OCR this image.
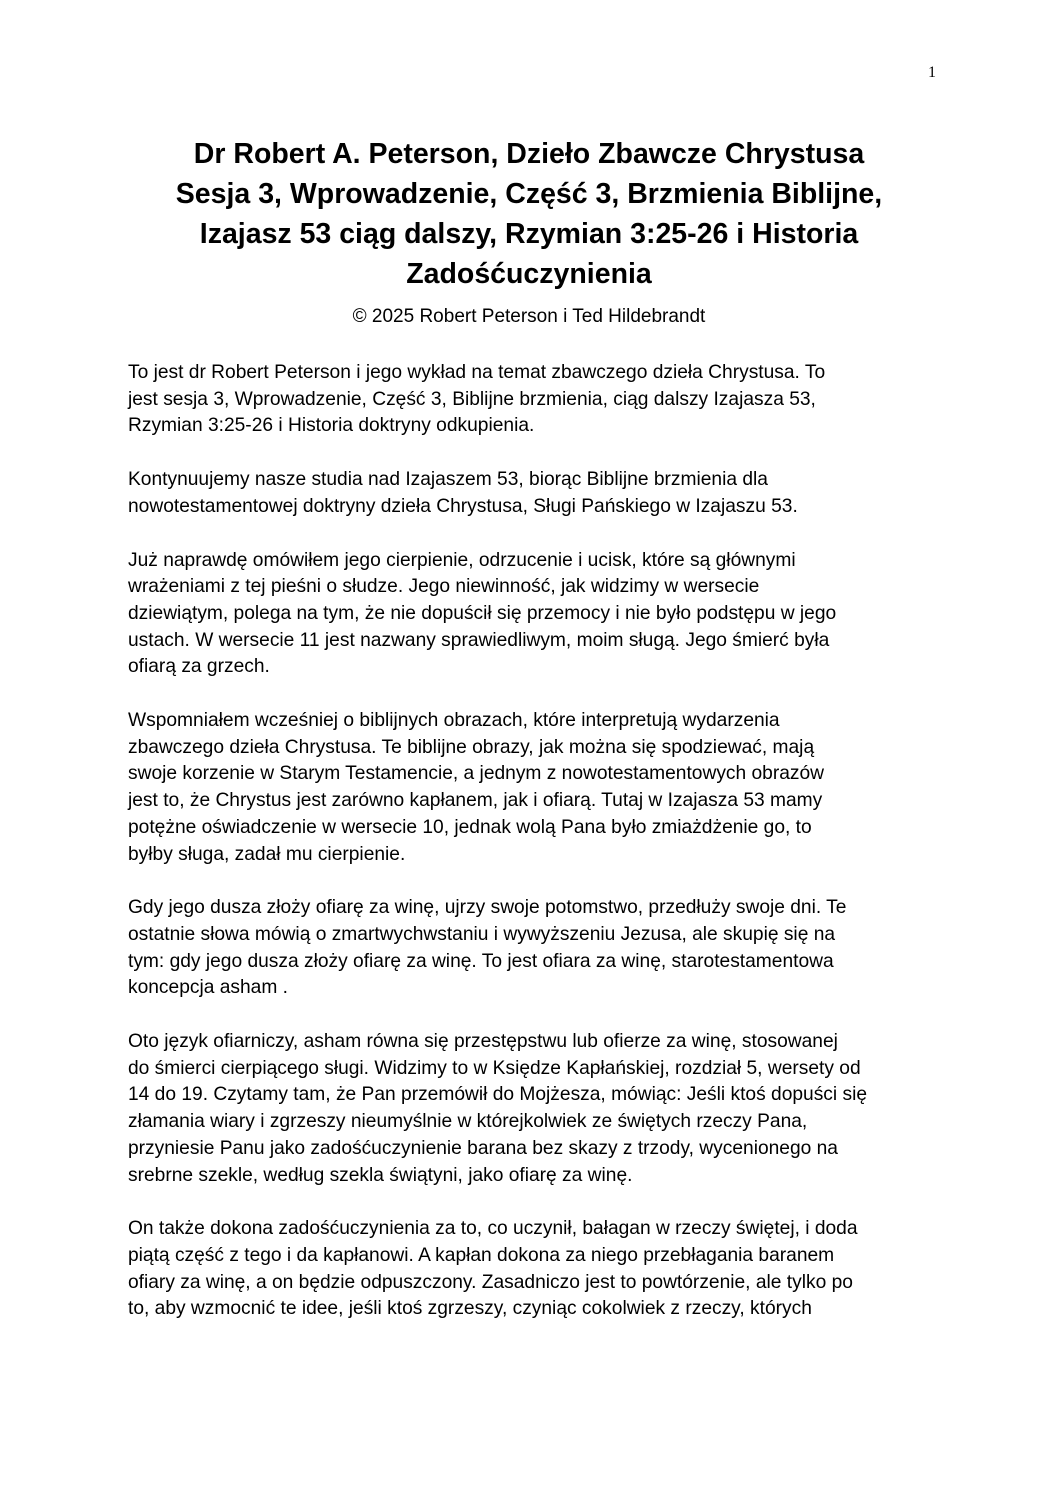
1
Dr Robert A. Peterson, Dzieło Zbawcze Chrystusa
Sesja 3, Wprowadzenie, Część 3, Brzmienia Biblijne,
Izajasz 53 ciąg dalszy, Rzymian 3:25-26 i Historia
Zadośćuczynienia
© 2025 Robert Peterson i Ted Hildebrandt

To jest dr Robert Peterson i jego wykład na temat zbawczego dzieła Chrystusa. To
jest sesja 3, Wprowadzenie, Część 3, Biblijne brzmienia, ciąg dalszy Izajasza 53,
Rzymian 3:25-26 i Historia doktryny odkupienia.

Kontynuujemy nasze studia nad Izajaszem 53, biorąc Biblijne brzmienia dla
nowotestamentowej doktryny dzieła Chrystusa, Sługi Pańskiego w Izajaszu 53.

Już naprawdę omówiłem jego cierpienie, odrzucenie i ucisk, które są głównymi
wrażeniami z tej pieśni o słudze. Jego niewinność, jak widzimy w wersecie
dziewiątym, polega na tym, że nie dopuścił się przemocy i nie było podstępu w jego
ustach. W wersecie 11 jest nazwany sprawiedliwym, moim sługą. Jego śmierć była
ofiarą za grzech.

Wspomniałem wcześniej o biblijnych obrazach, które interpretują wydarzenia
zbawczego dzieła Chrystusa. Te biblijne obrazy, jak można się spodziewać, mają
swoje korzenie w Starym Testamencie, a jednym z nowotestamentowych obrazów
jest to, że Chrystus jest zarówno kapłanem, jak i ofiarą. Tutaj w Izajasza 53 mamy
potężne oświadczenie w wersecie 10, jednak wolą Pana było zmiażdżenie go, to
byłby sługa, zadał mu cierpienie.

Gdy jego dusza złoży ofiarę za winę, ujrzy swoje potomstwo, przedłuży swoje dni. Te
ostatnie słowa mówią o zmartwychwstaniu i wywyższeniu Jezusa, ale skupię się na
tym: gdy jego dusza złoży ofiarę za winę. To jest ofiara za winę, starotestamentowa
koncepcja asham .

Oto język ofiarniczy, asham równa się przestępstwu lub ofierze za winę, stosowanej
do śmierci cierpiącego sługi. Widzimy to w Księdze Kapłańskiej, rozdział 5, wersety od
14 do 19. Czytamy tam, że Pan przemówił do Mojżesza, mówiąc: Jeśli ktoś dopuści się
złamania wiary i zgrzeszy nieumyślnie w którejkolwiek ze świętych rzeczy Pana,
przyniesie Panu jako zadośćuczynienie barana bez skazy z trzody, wycenionego na
srebrne szekle, według szekla świątyni, jako ofiarę za winę.

On także dokona zadośćuczynienia za to, co uczynił, bałagan w rzeczy świętej, i doda
piątą część z tego i da kapłanowi. A kapłan dokona za niego przebłagania baranem
ofiary za winę, a on będzie odpuszczony. Zasadniczo jest to powtórzenie, ale tylko po
to, aby wzmocnić te idee, jeśli ktoś zgrzeszy, czyniąc cokolwiek z rzeczy, których
